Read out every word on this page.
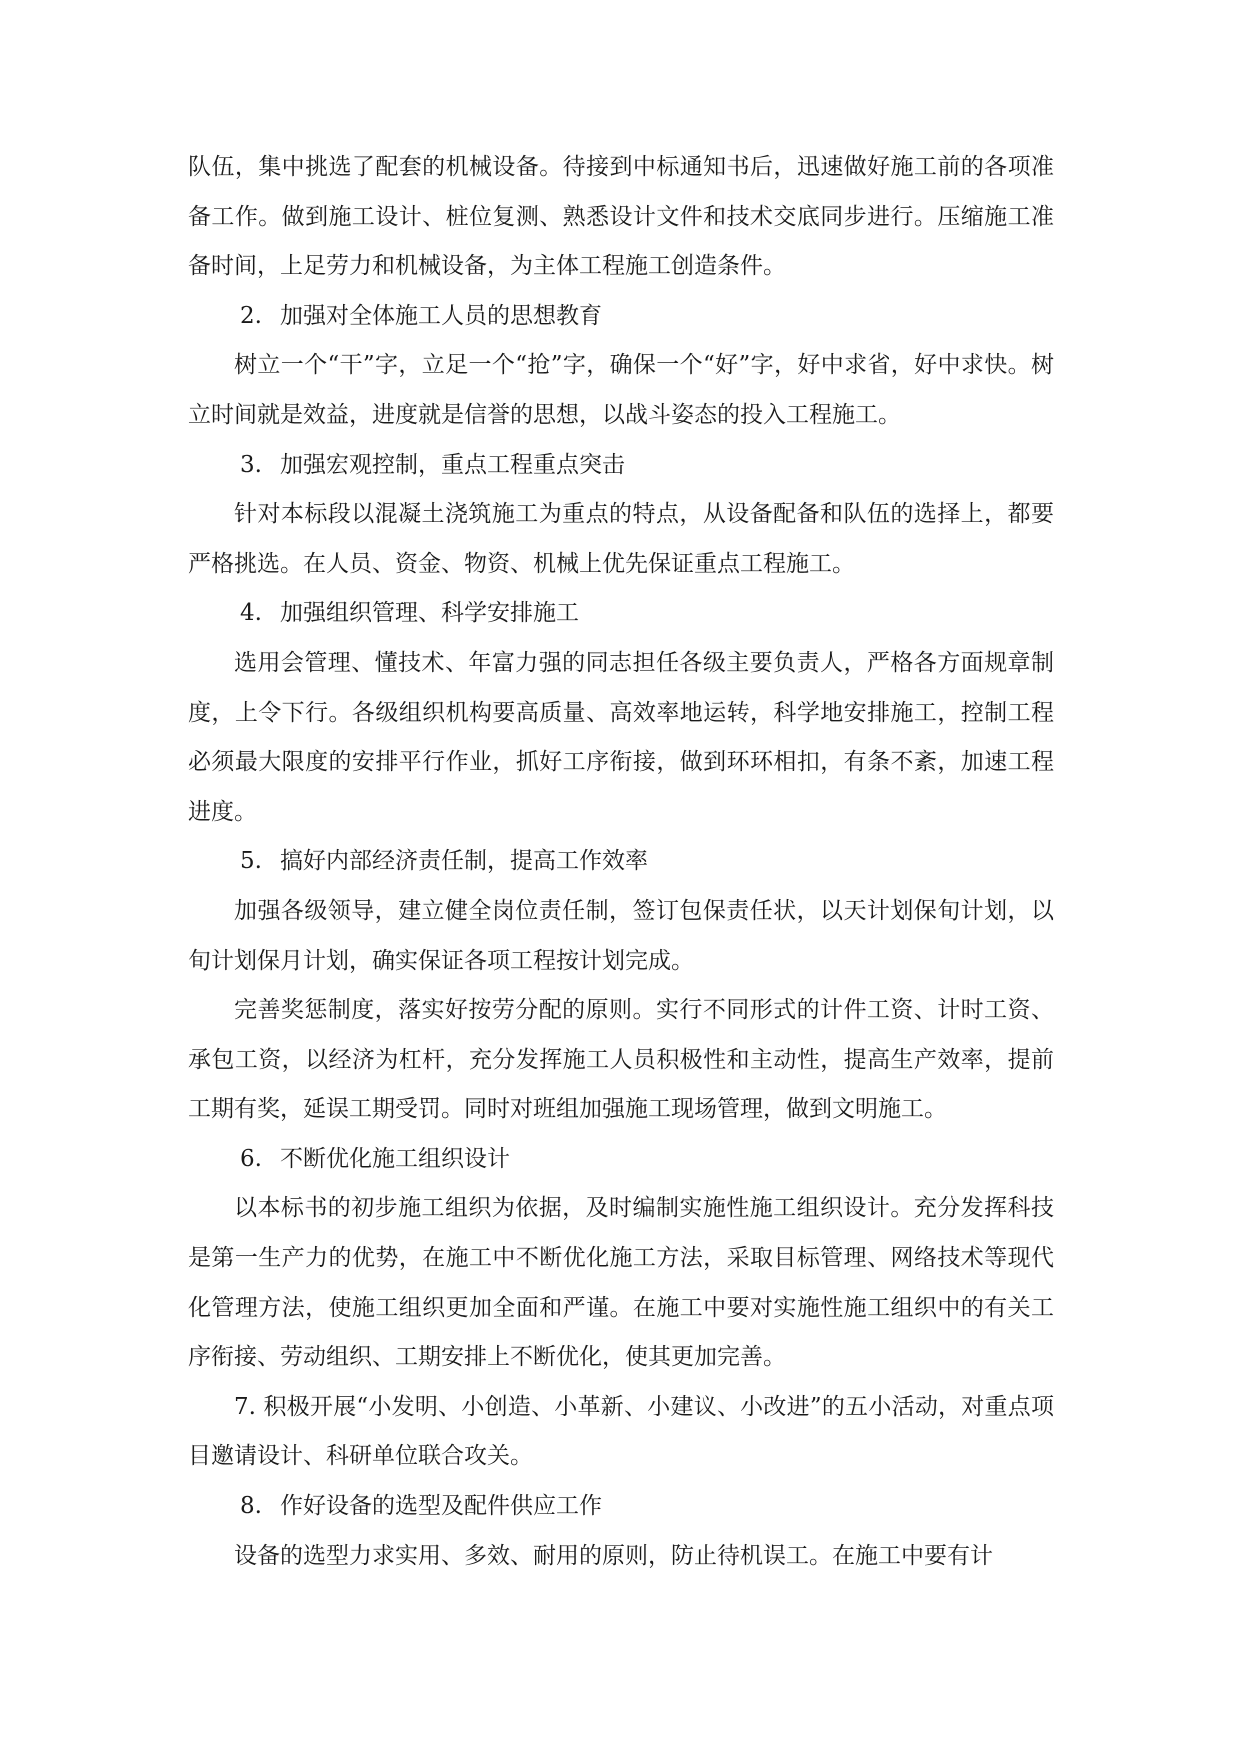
队伍，集中挑选了配套的机械设备。待接到中标通知书后，迅速做好施工前的各项准备工作。做到施工设计、桩位复测、熟悉设计文件和技术交底同步进行。压缩施工准备时间，上足劳力和机械设备，为主体工程施工创造条件。

2. 加强对全体施工人员的思想教育

树立一个“干”字，立足一个“抢”字，确保一个“好”字，好中求省，好中求快。树立时间就是效益，进度就是信誉的思想，以战斗姿态的投入工程施工。

3. 加强宏观控制，重点工程重点突击

针对本标段以混凝土浇筑施工为重点的特点，从设备配备和队伍的选择上，都要严格挑选。在人员、资金、物资、机械上优先保证重点工程施工。

4. 加强组织管理、科学安排施工

选用会管理、懂技术、年富力强的同志担任各级主要负责人，严格各方面规章制度，上令下行。各级组织机构要高质量、高效率地运转，科学地安排施工，控制工程必须最大限度的安排平行作业，抓好工序衔接，做到环环相扣，有条不紊，加速工程进度。

5. 搞好内部经济责任制，提高工作效率

加强各级领导，建立健全岗位责任制，签订包保责任状，以天计划保旬计划，以旬计划保月计划，确实保证各项工程按计划完成。

完善奖惩制度，落实好按劳分配的原则。实行不同形式的计件工资、计时工资、承包工资，以经济为杠杆，充分发挥施工人员积极性和主动性，提高生产效率，提前工期有奖，延误工期受罚。同时对班组加强施工现场管理，做到文明施工。

6. 不断优化施工组织设计

以本标书的初步施工组织为依据，及时编制实施性施工组织设计。充分发挥科技是第一生产力的优势，在施工中不断优化施工方法，采取目标管理、网络技术等现代化管理方法，使施工组织更加全面和严谨。在施工中要对实施性施工组织中的有关工序衔接、劳动组织、工期安排上不断优化，使其更加完善。

7. 积极开展“小发明、小创造、小革新、小建议、小改进”的五小活动，对重点项目邀请设计、科研单位联合攻关。

8. 作好设备的选型及配件供应工作

设备的选型力求实用、多效、耐用的原则，防止待机误工。在施工中要有计
